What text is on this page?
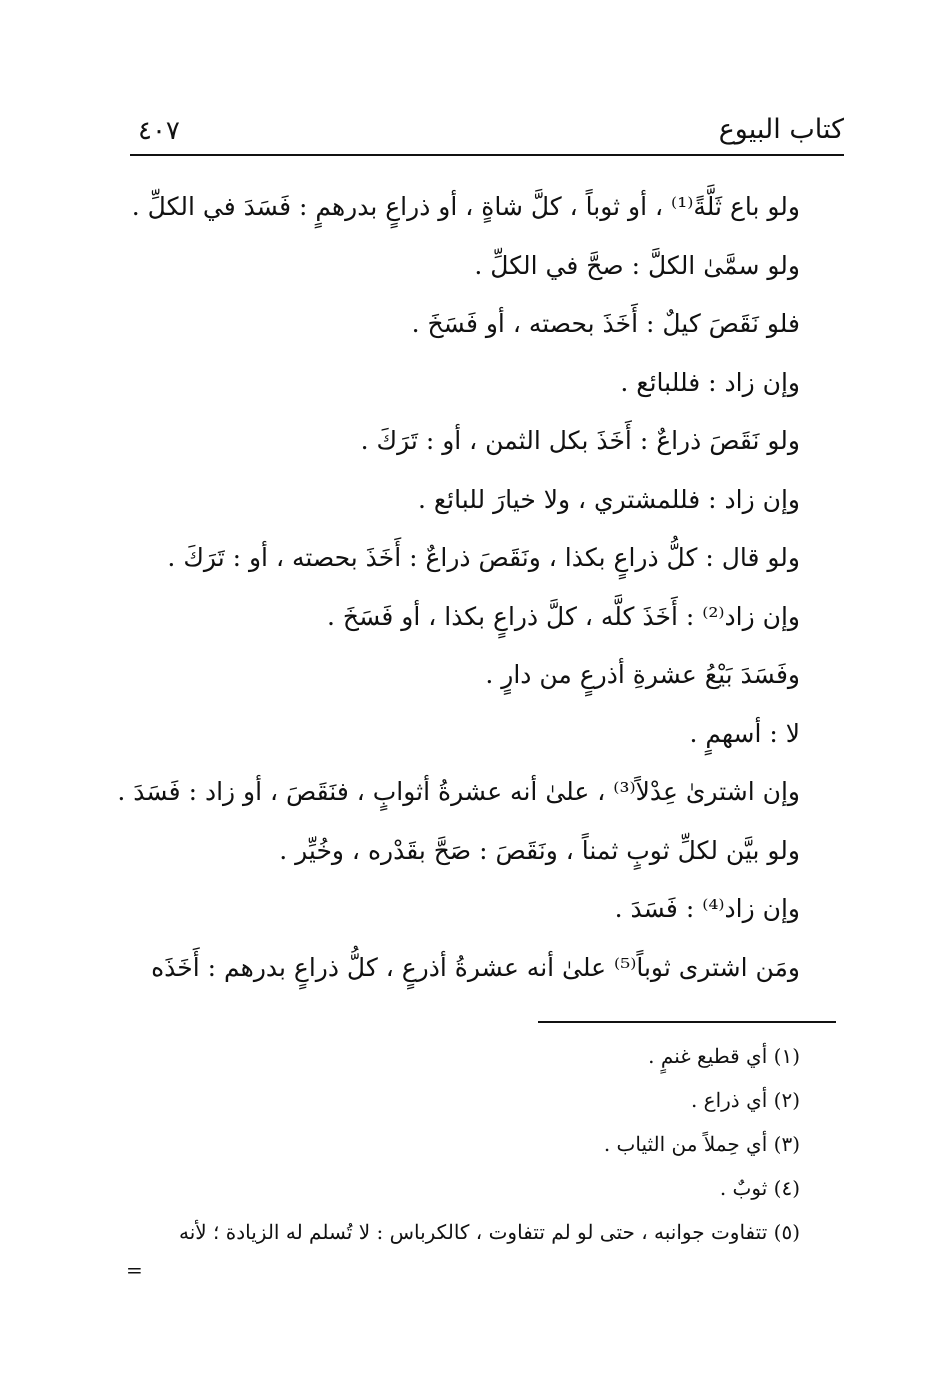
كتاب البيوع
٤٠٧
ولو باع ثَلَّةً⁽¹⁾ ، أو ثوباً ، كلَّ شاةٍ ، أو ذراعٍ بدرهمٍ : فَسَدَ في الكلِّ .
ولو سمَّىٰ الكلَّ : صحَّ في الكلِّ .
فلو نَقَصَ كيلٌ : أَخَذَ بحصته ، أو فَسَخَ .
وإن زاد : فللبائع .
ولو نَقَصَ ذراعٌ : أَخَذَ بكل الثمن ، أو : تَرَكَ .
وإن زاد : فللمشتري ، ولا خيارَ للبائع .
ولو قال : كلُّ ذراعٍ بكذا ، ونَقَصَ ذراعٌ : أَخَذَ بحصته ، أو : تَرَكَ .
وإن زاد⁽²⁾ : أَخَذَ كلَّه ، كلَّ ذراعٍ بكذا ، أو فَسَخَ .
وفَسَدَ بَيْعُ عشرةِ أذرعٍ من دارٍ .
لا : أسهمٍ .
وإن اشترىٰ عِدْلاً⁽³⁾ ، علىٰ أنه عشرةُ أثوابٍ ، فنَقَصَ ، أو زاد : فَسَدَ .
ولو بيَّن لكلِّ ثوبٍ ثمناً ، ونَقَصَ : صَحَّ بقَدْره ، وخُيِّر .
وإن زاد⁽⁴⁾ : فَسَدَ .
ومَن اشترى ثوباً⁽⁵⁾ علىٰ أنه عشرةُ أذرعٍ ، كلُّ ذراعٍ بدرهم : أَخَذَه
(١) أي قطيع غنمٍ .
(٢) أي ذراع .
(٣) أي حِملاً من الثياب .
(٤) ثوبٌ .
(٥) تتفاوت جوانبه ، حتى لو لم تتفاوت ، كالكرباس : لا تُسلم له الزيادة ؛ لأنه
=
